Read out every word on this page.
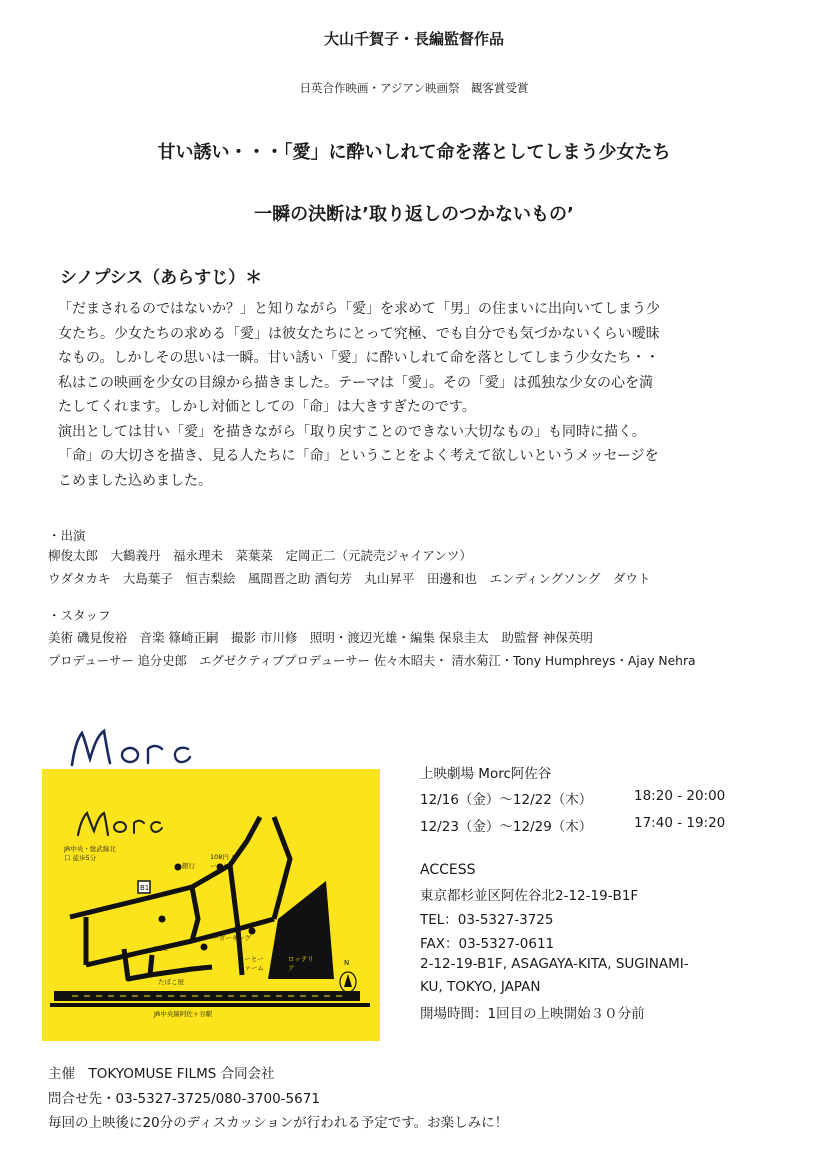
大山千賀子・長編監督作品
日英合作映画・アジアン映画祭　観客賞受賞
甘い誘い・・・「愛」に酔いしれて命を落としてしまう少女たち
一瞬の決断は’取り返しのつかないもの’
シノプシス（あらすじ）＊

「だまされるのではないか？」と知りながら「愛」を求めて「男」の住まいに出向いてしまう少

女たち。少女たちの求める「愛」は彼女たちにとって究極、でも自分でも気づかないくらい曖昧

なもの。しかしその思いは一瞬。甘い誘い「愛」に酔いしれて命を落としてしまう少女たち・・

私はこの映画を少女の目線から描きました。テーマは「愛」。その「愛」は孤独な少女の心を満

たしてくれます。しかし対価としての「命」は大きすぎたのです。

演出としては甘い「愛」を描きながら「取り戻すことのできない大切なもの」も同時に描く。

「命」の大切さを描き、見る人たちに「命」ということをよく考えて欲しいというメッセージを

こめました込めました。

・出演
柳俊太郎　大鶴義丹　福永理未　菜葉菜　定岡正二（元読売ジャイアンツ）
ウダタカキ　大島葉子　恒吉梨絵　風間晋之助 酒匂芳　丸山昇平　田邊和也　エンディングソング　ダウト
・スタッフ
美術 磯見俊裕　音楽 篠崎正嗣　撮影 市川修　照明・渡辺光雄・編集 保泉圭太　助監督 神保英明
プロデューサー 追分史郎　エグゼクティブプロデューサー 佐々木昭夫・ 清水菊江・Tony Humphreys・Ajay Nehra
B1
JR中央・総武線北口 徒歩5分	108円 ローソン
銀行
TOK
たばこ屋
コーヒー ファーム
バーガーキング
ロッテリア
JR中央線阿佐ヶ谷駅
N
上映劇場 Morc阿佐谷
12/16（金）～12/22（木）	18:20 - 20:00
12/23（金）～12/29（木）	17:40 - 19:20
ACCESS
東京都杉並区阿佐谷北2-12-19-B1F
TEL：03-5327-3725
FAX：03-5327-0611
2-12-19-B1F, ASAGAYA-KITA, SUGINAMI-
KU, TOKYO, JAPAN
開場時間：1回目の上映開始３０分前
主催　TOKYOMUSE FILMS 合同会社
問合せ先・03-5327-3725/080-3700-5671
毎回の上映後に20分のディスカッションが行われる予定です。お楽しみに！
